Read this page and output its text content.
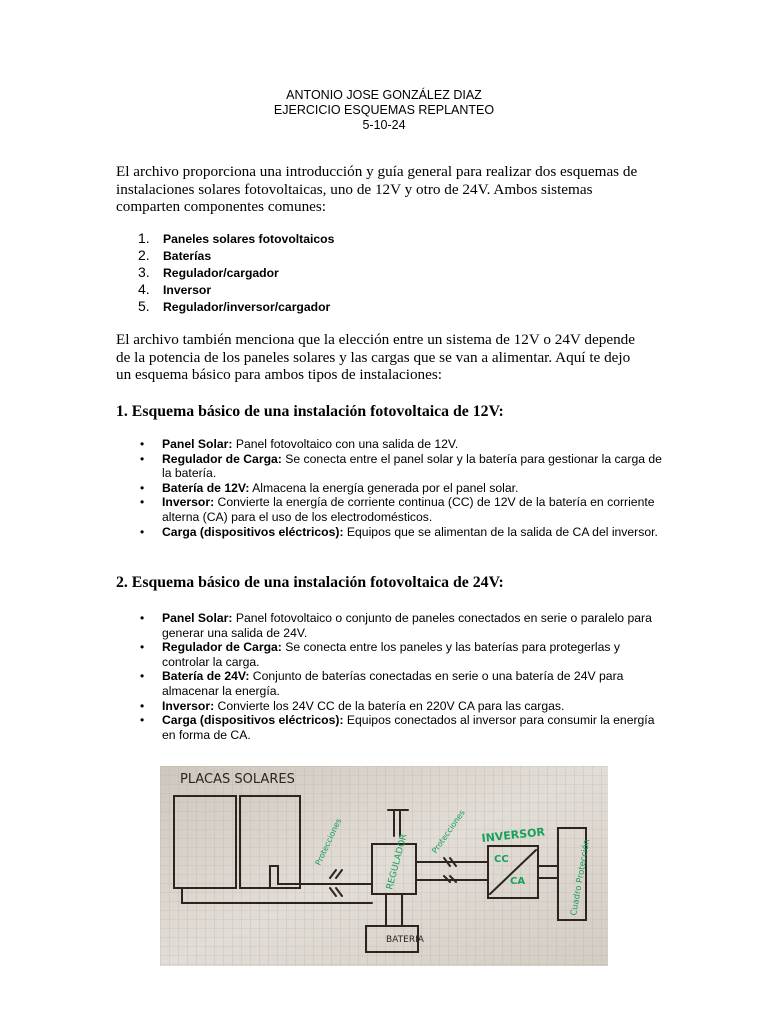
ANTONIO JOSE GONZÁLEZ DIAZ
EJERCICIO ESQUEMAS REPLANTEO
5-10-24
El archivo proporciona una introducción y guía general para realizar dos esquemas de
instalaciones solares fotovoltaicas, uno de 12V y otro de 24V. Ambos sistemas
comparten componentes comunes:
1. Paneles solares fotovoltaicos
2. Baterías
3. Regulador/cargador
4. Inversor
5. Regulador/inversor/cargador
El archivo también menciona que la elección entre un sistema de 12V o 24V depende
de la potencia de los paneles solares y las cargas que se van a alimentar. Aquí te dejo
un esquema básico para ambos tipos de instalaciones:
1. Esquema básico de una instalación fotovoltaica de 12V:
• Panel Solar: Panel fotovoltaico con una salida de 12V.
• Regulador de Carga: Se conecta entre el panel solar y la batería para gestionar la carga de la batería.
• Batería de 12V: Almacena la energía generada por el panel solar.
• Inversor: Convierte la energía de corriente continua (CC) de 12V de la batería en corriente alterna (CA) para el uso de los electrodomésticos.
• Carga (dispositivos eléctricos): Equipos que se alimentan de la salida de CA del inversor.
2. Esquema básico de una instalación fotovoltaica de 24V:
• Panel Solar: Panel fotovoltaico o conjunto de paneles conectados en serie o paralelo para generar una salida de 24V.
• Regulador de Carga: Se conecta entre los paneles y las baterías para protegerlas y controlar la carga.
• Batería de 24V: Conjunto de baterías conectadas en serie o una batería de 24V para almacenar la energía.
• Inversor: Convierte los 24V CC de la batería en 220V CA para las cargas.
• Carga (dispositivos eléctricos): Equipos conectados al inversor para consumir la energía en forma de CA.
PLACAS SOLARES
BATERIA
Protecciones	Protecciones
REGULADOR	INVERSOR
CC
CA	Cuadro Protección
